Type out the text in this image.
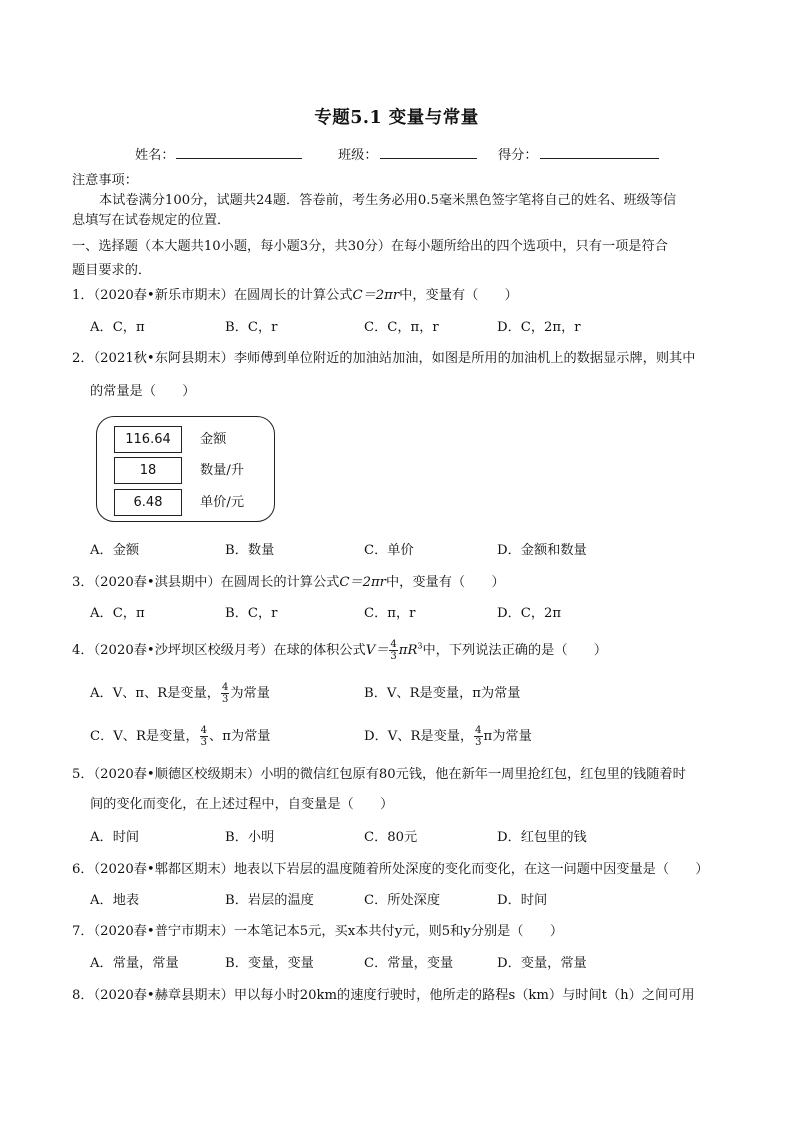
专题5.1 变量与常量
姓名：	班级：	得分：
注意事项：
本试卷满分100分，试题共24题．答卷前，考生务必用0.5毫米黑色签字笔将自己的姓名、班级等信
息填写在试卷规定的位置．
一、选择题（本大题共10小题，每小题3分，共30分）在每小题所给出的四个选项中，只有一项是符合
题目要求的．
1．（2020春•新乐市期末）在圆周长的计算公式C＝2πr中，变量有（　　）
A．C，π	B．C，r	C．C，π，r	D．C，2π，r
2．（2021秋•东阿县期末）李师傅到单位附近的加油站加油，如图是所用的加油机上的数据显示牌，则其中
的常量是（　　）
116.64	金额
18	数量/升
6.48	单价/元
A．金额	B．数量	C．单价	D．金额和数量
3．（2020春•淇县期中）在圆周长的计算公式C＝2πr中，变量有（　　）
A．C，π	B．C，r	C．π，r	D．C，2π
4．（2020春•沙坪坝区校级月考）在球的体积公式$V= \frac{4}{3} \pi R^3$中，下列说法正确的是（　　）
A．V、π、R是变量， $\frac{4}{3}$ 为常量	B．V、R是变量，π为常量
C．V、R是变量， $\frac{4}{3}$ 、π为常量	D．V、R是变量， $\frac{4}{3}$ π为常量
5．（2020春•顺德区校级期末）小明的微信红包原有80元钱，他在新年一周里抢红包，红包里的钱随着时
间的变化而变化，在上述过程中，自变量是（　　）
A．时间	B．小明	C．80元	D．红包里的钱
6．（2020春•郫都区期末）地表以下岩层的温度随着所处深度的变化而变化，在这一问题中因变量是（　　）
A．地表	B．岩层的温度	C．所处深度	D．时间
7．（2020春•普宁市期末）一本笔记本5元，买x本共付y元，则5和y分别是（　　）
A．常量，常量	B．变量，变量	C．常量，变量	D．变量，常量
8．（2020春•赫章县期末）甲以每小时20km的速度行驶时，他所走的路程s（km）与时间t（h）之间可用
